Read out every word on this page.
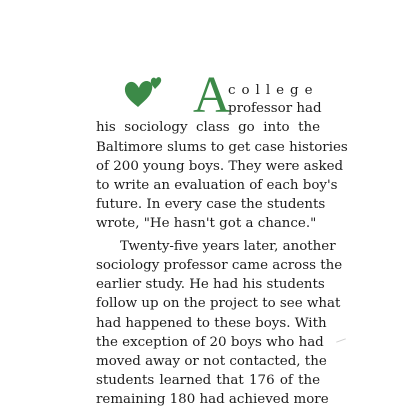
A
college
professor had
his sociology class go into the
Baltimore slums to get case histories
of 200 young boys. They were asked
to write an evaluation of each boy's
future. In every case the students
wrote, "He hasn't got a chance."
Twenty-five years later, another
sociology professor came across the
earlier study. He had his students
follow up on the project to see what
had happened to these boys. With
the exception of 20 boys who had
moved away or not contacted, the
students learned that 176 of the
remaining 180 had achieved more
